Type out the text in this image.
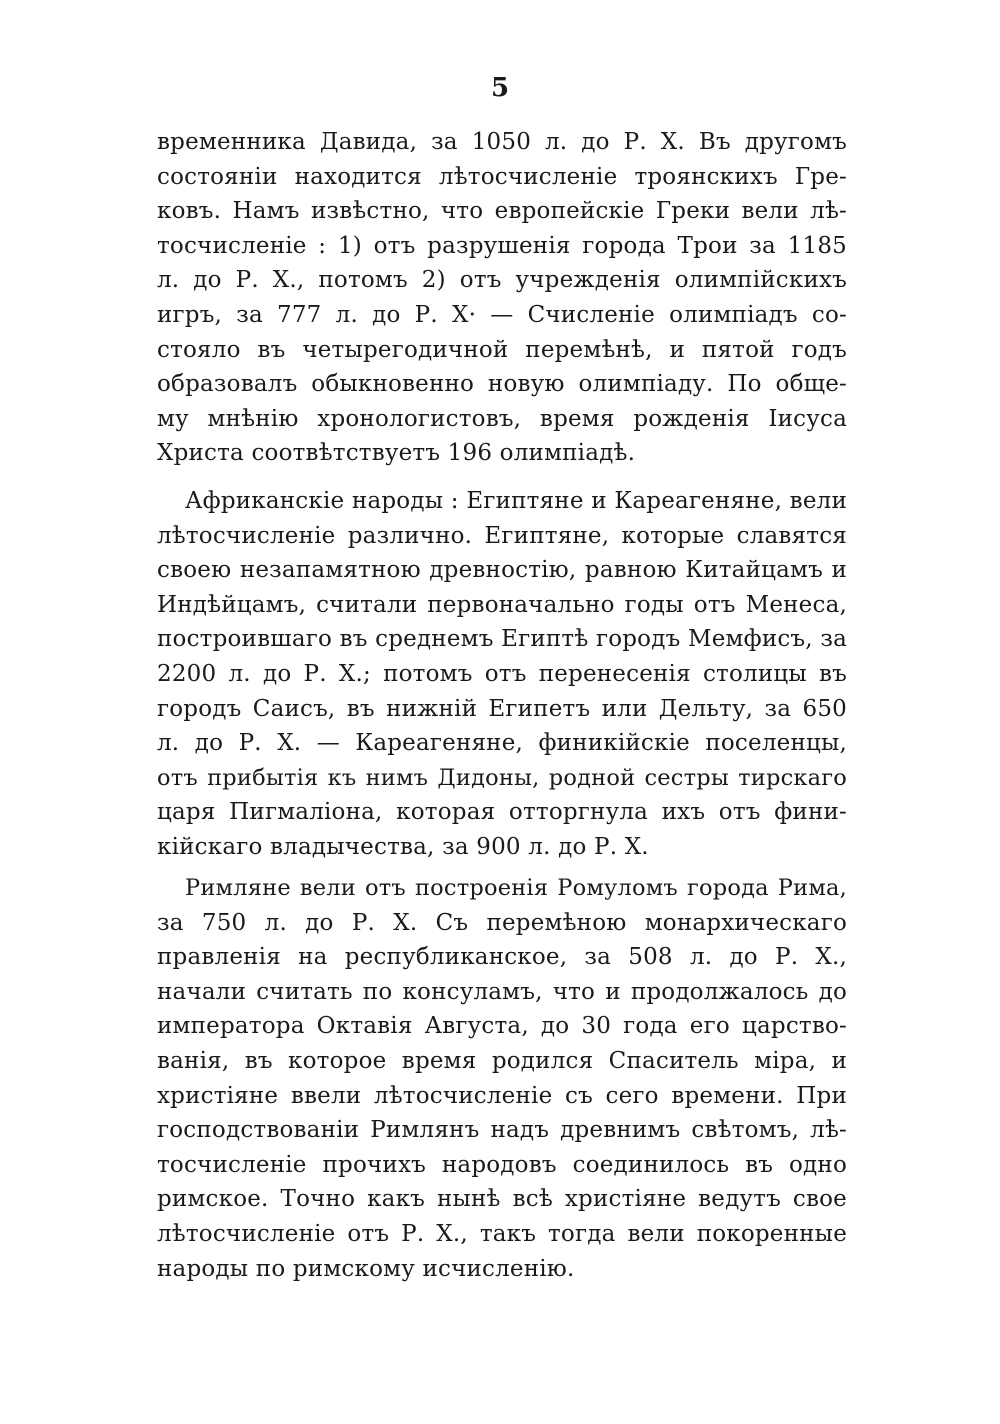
5
временника Давида, за 1050 л. до Р. Х. Въ другомъ
состояніи находится лѣтосчисленіе троянскихъ Гре-
ковъ. Намъ извѣстно, что европейскіе Греки вели лѣ-
тосчисленіе : 1) отъ разрушенія города Трои за 1185
л. до Р. Х., потомъ 2) отъ учрежденія олимпійскихъ
игръ, за 777 л. до Р. Х· — Счисленіе олимпіадъ со-
стояло въ четырегодичной перемѣнѣ, и пятой годъ
образовалъ обыкновенно новую олимпіаду. По обще-
му мнѣнію хронологистовъ, время рожденія Іисуса
Христа соотвѣтствуетъ 196 олимпіадѣ.
Африканскіе народы : Египтяне и Кареагеняне, вели
лѣтосчисленіе различно. Египтяне, которые славятся
своею незапамятною древностію, равною Китайцамъ и
Индѣйцамъ, считали первоначально годы отъ Менеса,
построившаго въ среднемъ Египтѣ городъ Мемфисъ, за
2200 л. до Р. Х.; потомъ отъ перенесенія столицы въ
городъ Саисъ, въ нижній Египетъ или Дельту, за 650
л. до Р. Х. — Кареагеняне, финикійскіе поселенцы,
отъ прибытія къ нимъ Дидоны, родной сестры тирскаго
царя Пигмаліона, которая отторгнула ихъ отъ фини-
кійскаго владычества, за 900 л. до Р. Х.
Римляне вели отъ построенія Ромуломъ города Рима,
за 750 л. до Р. Х. Съ перемѣною монархическаго
правленія на республиканское, за 508 л. до Р. Х.,
начали считать по консуламъ, что и продолжалось до
императора Октавія Августа, до 30 года его царство-
ванія, въ которое время родился Спаситель міра, и
христіяне ввели лѣтосчисленіе съ сего времени. При
господствованіи Римлянъ надъ древнимъ свѣтомъ, лѣ-
тосчисленіе прочихъ народовъ соединилось въ одно
римское. Точно какъ нынѣ всѣ христіяне ведутъ свое
лѣтосчисленіе отъ Р. Х., такъ тогда вели покоренные
народы по римскому исчисленію.
